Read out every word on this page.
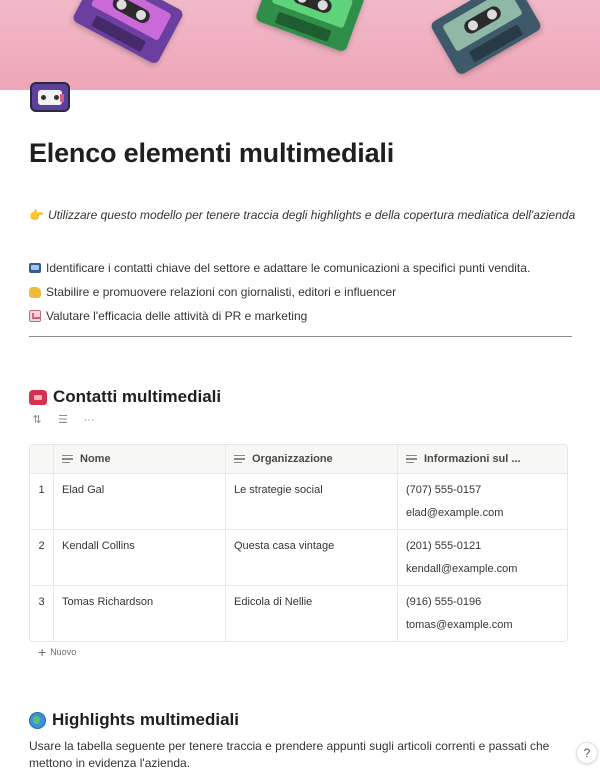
Elenco elementi multimediali
👉 Utilizzare questo modello per tenere traccia degli highlights e della copertura mediatica dell'azienda
Identificare i contatti chiave del settore e adattare le comunicazioni a specifici punti vendita.
Stabilire e promuovere relazioni con giornalisti, editori e influencer
Valutare l'efficacia delle attività di PR e marketing
Contatti multimediali
⇅ ☰ ···
Nome	Organizzazione	Informazioni sul ...
1	Elad Gal	Le strategie social	(707) 555-0157
elad@example.com
2	Kendall Collins	Questa casa vintage	(201) 555-0121
kendall@example.com
3	Tomas Richardson	Edicola di Nellie	(916) 555-0196
tomas@example.com
+ Nuovo
Highlights multimediali

Usare la tabella seguente per tenere traccia e prendere appunti sugli articoli correnti e passati che mettono in evidenza l'azienda.

?
